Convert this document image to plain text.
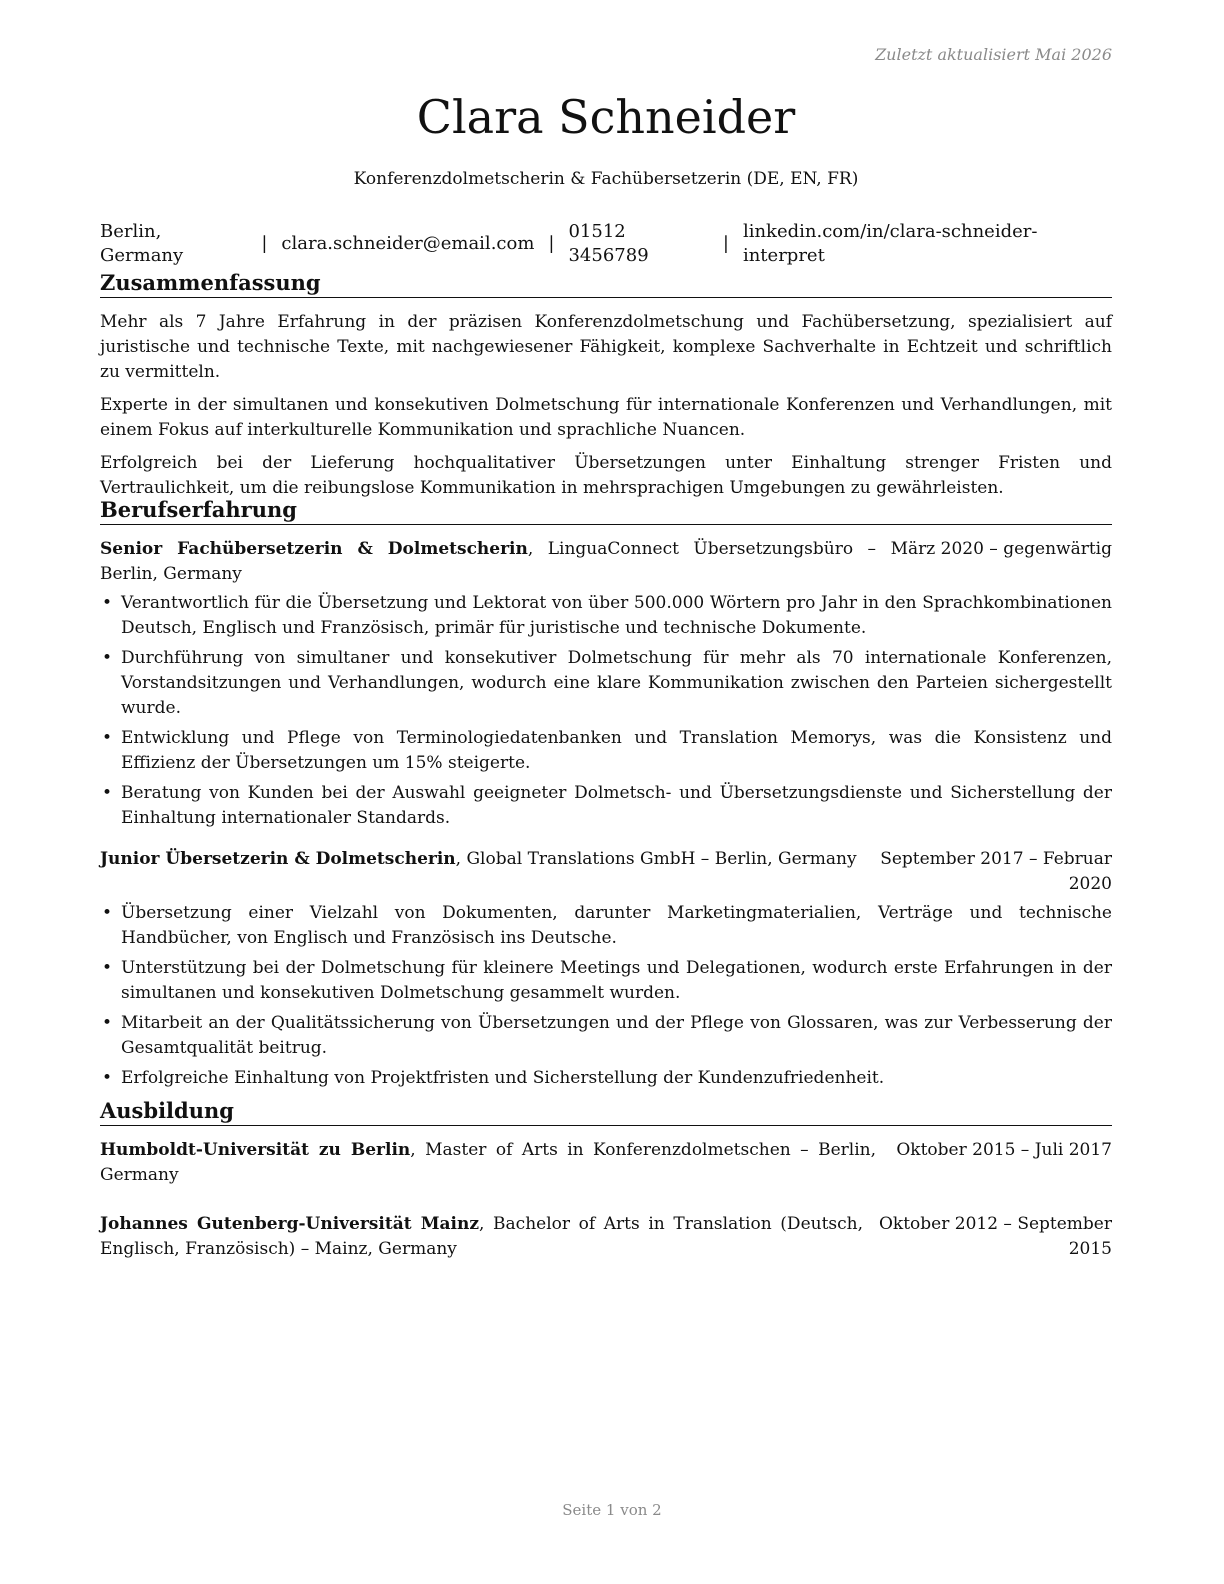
Zuletzt aktualisiert Mai 2026
Clara Schneider
Konferenzdolmetscherin & Fachübersetzerin (DE, EN, FR)
Berlin, Germany
| clara.schneider@email.com |
01512 3456789
|
linkedin.com/in/clara-schneider-interpret
Zusammenfassung

Mehr als 7 Jahre Erfahrung in der präzisen Konferenzdolmetschung und Fachübersetzung, spezialisiert auf juristische und technische Texte, mit nachgewiesener Fähigkeit, komplexe Sachverhalte in Echtzeit und schriftlich zu vermitteln.

Experte in der simultanen und konsekutiven Dolmetschung für internationale Konferenzen und Verhandlungen, mit einem Fokus auf interkulturelle Kommunikation und sprachliche Nuancen.

Erfolgreich bei der Lieferung hochqualitativer Übersetzungen unter Einhaltung strenger Fristen und Vertraulichkeit, um die reibungslose Kommunikation in mehrsprachigen Umgebungen zu gewährleisten.

Berufserfahrung
Senior Fachübersetzerin & Dolmetscherin, LinguaConnect Übersetzungsbüro – Berlin, Germany
März 2020 – gegenwärtig
• Verantwortlich für die Übersetzung und Lektorat von über 500.000 Wörtern pro Jahr in den Sprachkombinationen Deutsch, Englisch und Französisch, primär für juristische und technische Dokumente.
• Durchführung von simultaner und konsekutiver Dolmetschung für mehr als 70 internationale Konferenzen, Vorstandsitzungen und Verhandlungen, wodurch eine klare Kommunikation zwischen den Parteien sichergestellt wurde.
• Entwicklung und Pflege von Terminologiedatenbanken und Translation Memorys, was die Konsistenz und Effizienz der Übersetzungen um 15% steigerte.
• Beratung von Kunden bei der Auswahl geeigneter Dolmetsch- und Übersetzungsdienste und Sicherstellung der Einhaltung internationaler Standards.
Junior Übersetzerin & Dolmetscherin, Global Translations GmbH – Berlin, Germany	September 2017 – Februar 2020
• Übersetzung einer Vielzahl von Dokumenten, darunter Marketingmaterialien, Verträge und technische Handbücher, von Englisch und Französisch ins Deutsche.
• Unterstützung bei der Dolmetschung für kleinere Meetings und Delegationen, wodurch erste Erfahrungen in der simultanen und konsekutiven Dolmetschung gesammelt wurden.
• Mitarbeit an der Qualitätssicherung von Übersetzungen und der Pflege von Glossaren, was zur Verbesserung der Gesamtqualität beitrug.
• Erfolgreiche Einhaltung von Projektfristen und Sicherstellung der Kundenzufriedenheit.
Ausbildung
Humboldt-Universität zu Berlin, Master of Arts in Konferenzdolmetschen – Berlin, Germany
Oktober 2015 – Juli 2017
Johannes Gutenberg-Universität Mainz, Bachelor of Arts in Translation (Deutsch, Englisch, Französisch) – Mainz, Germany
Oktober 2012 – September 2015
Seite 1 von 2
